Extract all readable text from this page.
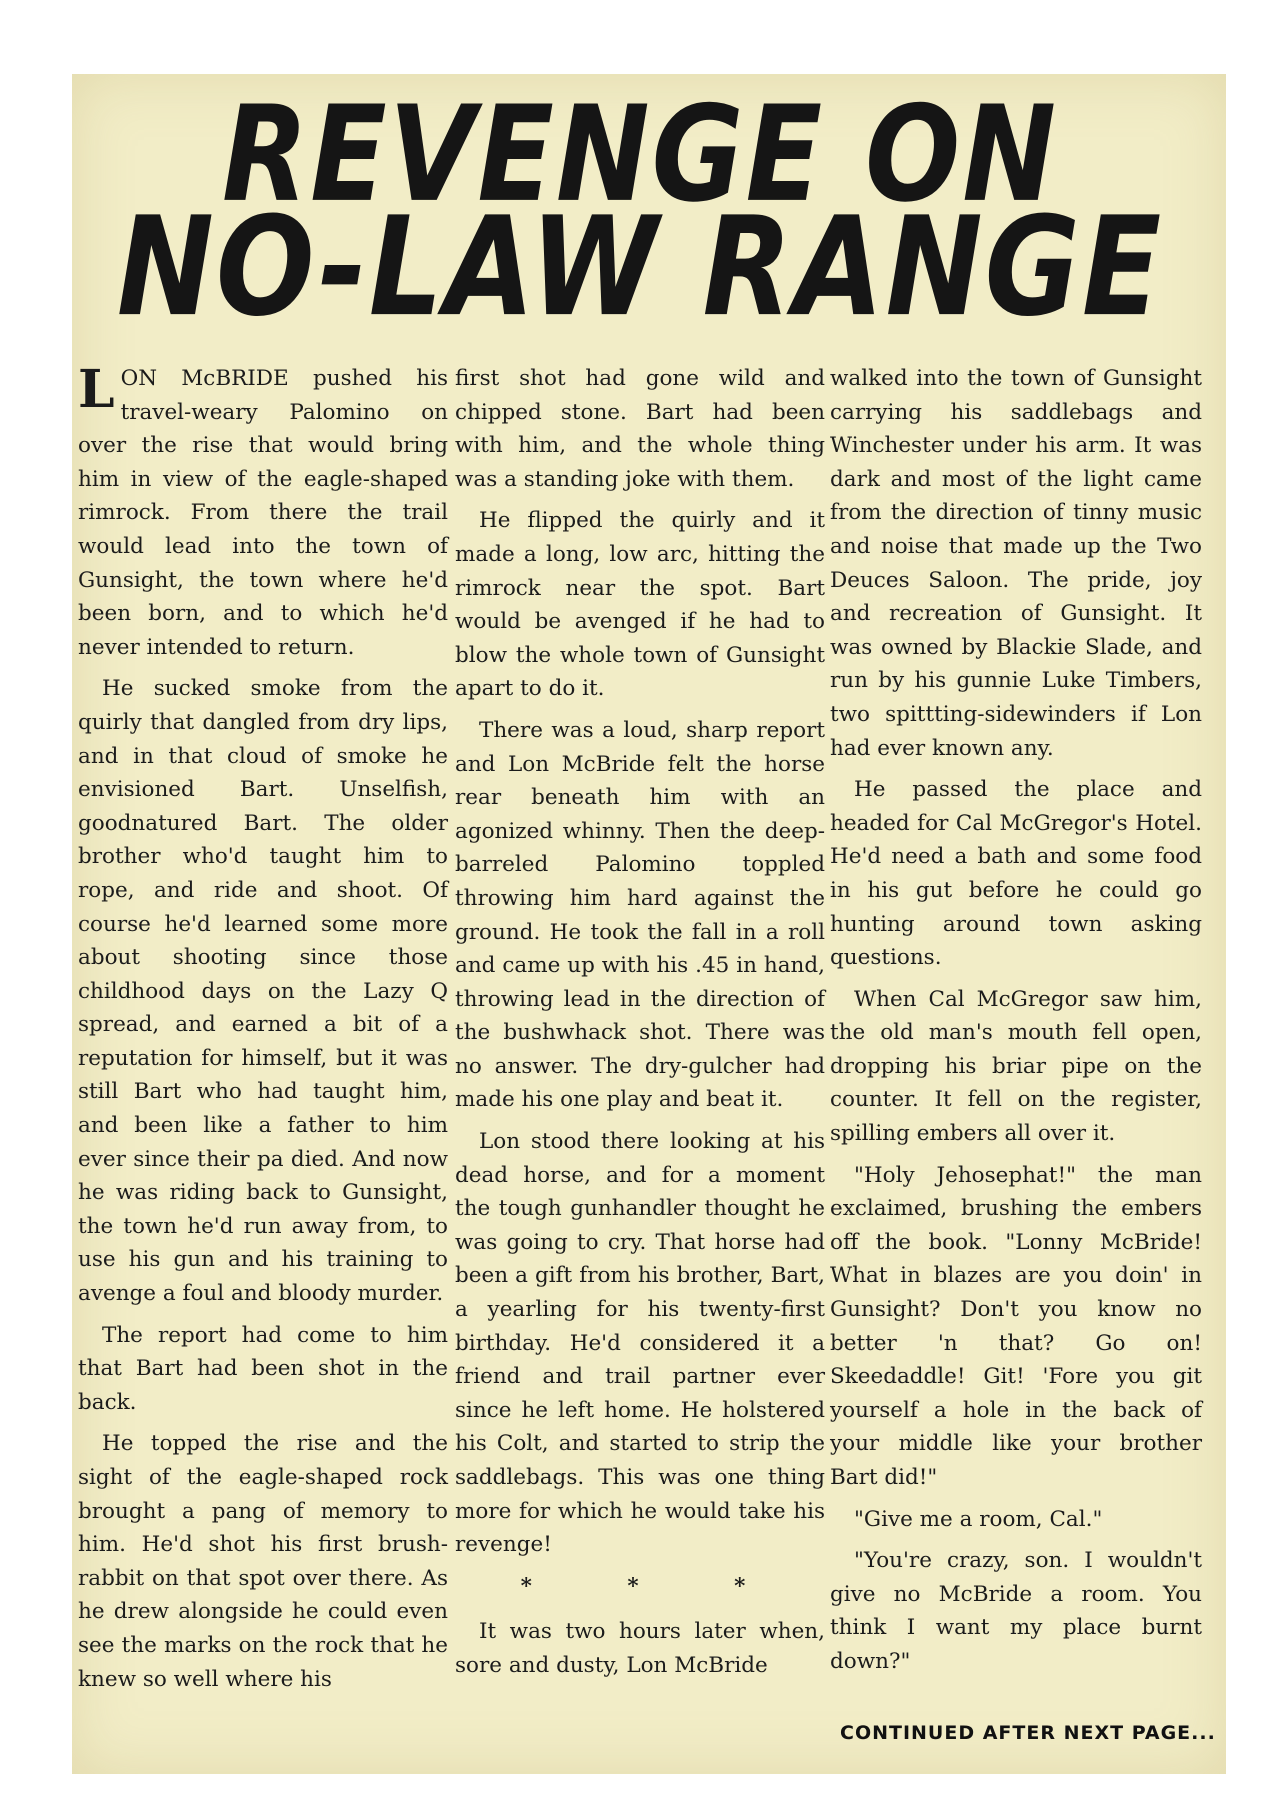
REVENGE ON
NO-LAW RANGE

LON McBRIDE pushed his travel-weary Palomino on over the rise that would bring him in view of the eagle-shaped rimrock. From there the trail would lead into the town of Gunsight, the town where he'd been born, and to which he'd never intended to return.

He sucked smoke from the quirly that dangled from dry lips, and in that cloud of smoke he envisioned Bart. Unselfish, goodnatured Bart. The older brother who'd taught him to rope, and ride and shoot. Of course he'd learned some more about shooting since those childhood days on the Lazy Q spread, and earned a bit of a reputation for himself, but it was still Bart who had taught him, and been like a father to him ever since their pa died. And now he was riding back to Gunsight, the town he'd run away from, to use his gun and his training to avenge a foul and bloody murder.

The report had come to him that Bart had been shot in the back.

He topped the rise and the sight of the eagle-shaped rock brought a pang of memory to him. He'd shot his first brush-rabbit on that spot over there. As he drew alongside he could even see the marks on the rock that he knew so well where his

first shot had gone wild and chipped stone. Bart had been with him, and the whole thing was a standing joke with them.

He flipped the quirly and it made a long, low arc, hitting the rimrock near the spot. Bart would be avenged if he had to blow the whole town of Gunsight apart to do it.

There was a loud, sharp report and Lon McBride felt the horse rear beneath him with an agonized whinny. Then the deep-barreled Palomino toppled throwing him hard against the ground. He took the fall in a roll and came up with his .45 in hand, throwing lead in the direction of the bushwhack shot. There was no answer. The dry-gulcher had made his one play and beat it.

Lon stood there looking at his dead horse, and for a moment the tough gunhandler thought he was going to cry. That horse had been a gift from his brother, Bart, a yearling for his twenty-first birthday. He'd considered it a friend and trail partner ever since he left home. He holstered his Colt, and started to strip the saddlebags. This was one thing more for which he would take his revenge!

* * *

It was two hours later when, sore and dusty, Lon McBride

walked into the town of Gunsight carrying his saddlebags and Winchester under his arm. It was dark and most of the light came from the direction of tinny music and noise that made up the Two Deuces Saloon. The pride, joy and recreation of Gunsight. It was owned by Blackie Slade, and run by his gunnie Luke Timbers, two spittting-sidewinders if Lon had ever known any.

He passed the place and headed for Cal McGregor's Hotel. He'd need a bath and some food in his gut before he could go hunting around town asking questions.

When Cal McGregor saw him, the old man's mouth fell open, dropping his briar pipe on the counter. It fell on the register, spilling embers all over it.

"Holy Jehosephat!" the man exclaimed, brushing the embers off the book. "Lonny McBride! What in blazes are you doin' in Gunsight? Don't you know no better 'n that? Go on! Skeedaddle! Git! 'Fore you git yourself a hole in the back of your middle like your brother Bart did!"

"Give me a room, Cal."

"You're crazy, son. I wouldn't give no McBride a room. You think I want my place burnt down?"

CONTINUED AFTER NEXT PAGE...
